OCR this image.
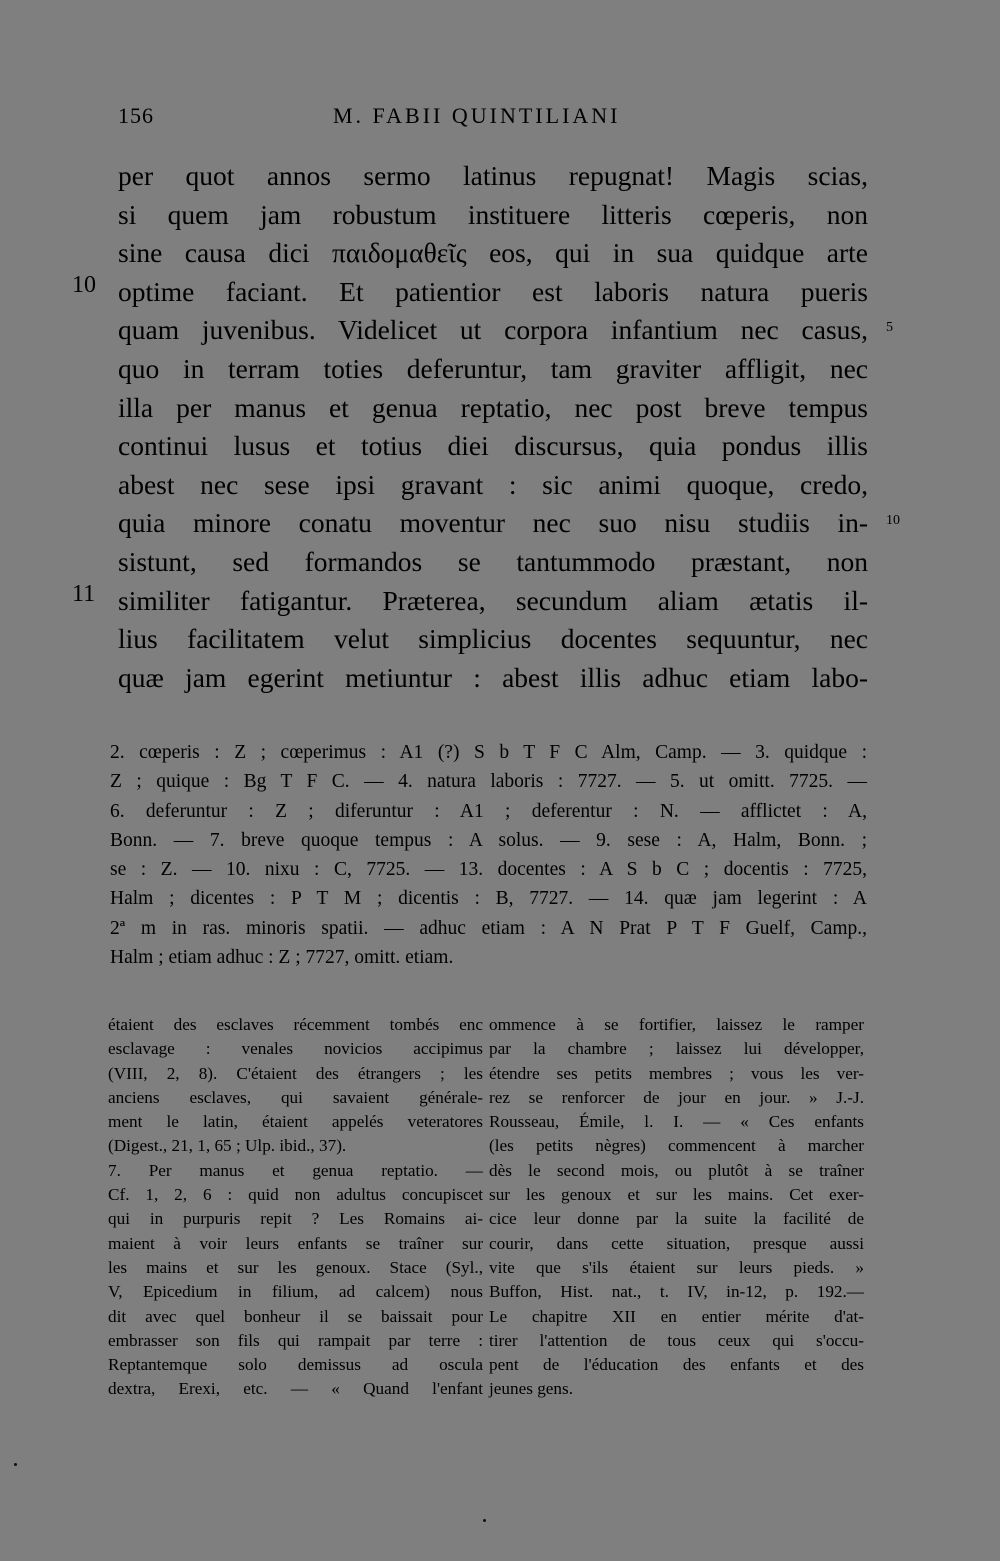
156	M. FABII QUINTILIANI
per quot annos sermo latinus repugnat! Magis scias,
si quem jam robustum instituere litteris cœperis, non
sine causa dici παιδομαθεῖς eos, qui in sua quidque arte
optime faciant. Et patientior est laboris natura pueris
quam juvenibus. Videlicet ut corpora infantium nec casus,
quo in terram toties deferuntur, tam graviter affligit, nec
illa per manus et genua reptatio, nec post breve tempus
continui lusus et totius diei discursus, quia pondus illis
abest nec sese ipsi gravant : sic animi quoque, credo,
quia minore conatu moventur nec suo nisu studiis in-
sistunt, sed formandos se tantummodo præstant, non
similiter fatigantur. Præterea, secundum aliam ætatis il-
lius facilitatem velut simplicius docentes sequuntur, nec
quæ jam egerint metiuntur : abest illis adhuc etiam labo-
10
11
5
10
2. cœperis : Z ; cœperimus : A1 (?) S b T F C Alm, Camp. — 3. quidque :
Z ; quique : Bg T F C. — 4. natura laboris : 7727. — 5. ut omitt. 7725. —
6. deferuntur : Z ; diferuntur : A1 ; deferentur : N. — afflictet : A,
Bonn. — 7. breve quoque tempus : A solus. — 9. sese : A, Halm, Bonn. ;
se : Z. — 10. nixu : C, 7725. — 13. docentes : A S b C ; docentis : 7725,
Halm ; dicentes : P T M ; dicentis : B, 7727. — 14. quæ jam legerint : A
2ª m in ras. minoris spatii. — adhuc etiam : A N Prat P T F Guelf, Camp.,
Halm ; etiam adhuc : Z ; 7727, omitt. etiam.
étaient des esclaves récemment tombés enc
esclavage : venales novicios accipimus
(VIII, 2, 8). C'étaient des étrangers ; les
anciens esclaves, qui savaient générale-
ment le latin, étaient appelés veteratores
(Digest., 21, 1, 65 ; Ulp. ibid., 37).
7. Per manus et genua reptatio. —
Cf. 1, 2, 6 : quid non adultus concupiscet
qui in purpuris repit ? Les Romains ai-
maient à voir leurs enfants se traîner sur
les mains et sur les genoux. Stace (Syl.,
V, Epicedium in filium, ad calcem) nous
dit avec quel bonheur il se baissait pour
embrasser son fils qui rampait par terre :
Reptantemque solo demissus ad oscula
dextra, Erexi, etc. — « Quand l'enfant
ommence à se fortifier, laissez le ramper
par la chambre ; laissez lui développer,
étendre ses petits membres ; vous les ver-
rez se renforcer de jour en jour. » J.-J.
Rousseau, Émile, l. I. — « Ces enfants
(les petits nègres) commencent à marcher
dès le second mois, ou plutôt à se traîner
sur les genoux et sur les mains. Cet exer-
cice leur donne par la suite la facilité de
courir, dans cette situation, presque aussi
vite que s'ils étaient sur leurs pieds. »
Buffon, Hist. nat., t. IV, in-12, p. 192.—
Le chapitre XII en entier mérite d'at-
tirer l'attention de tous ceux qui s'occu-
pent de l'éducation des enfants et des
jeunes gens.
